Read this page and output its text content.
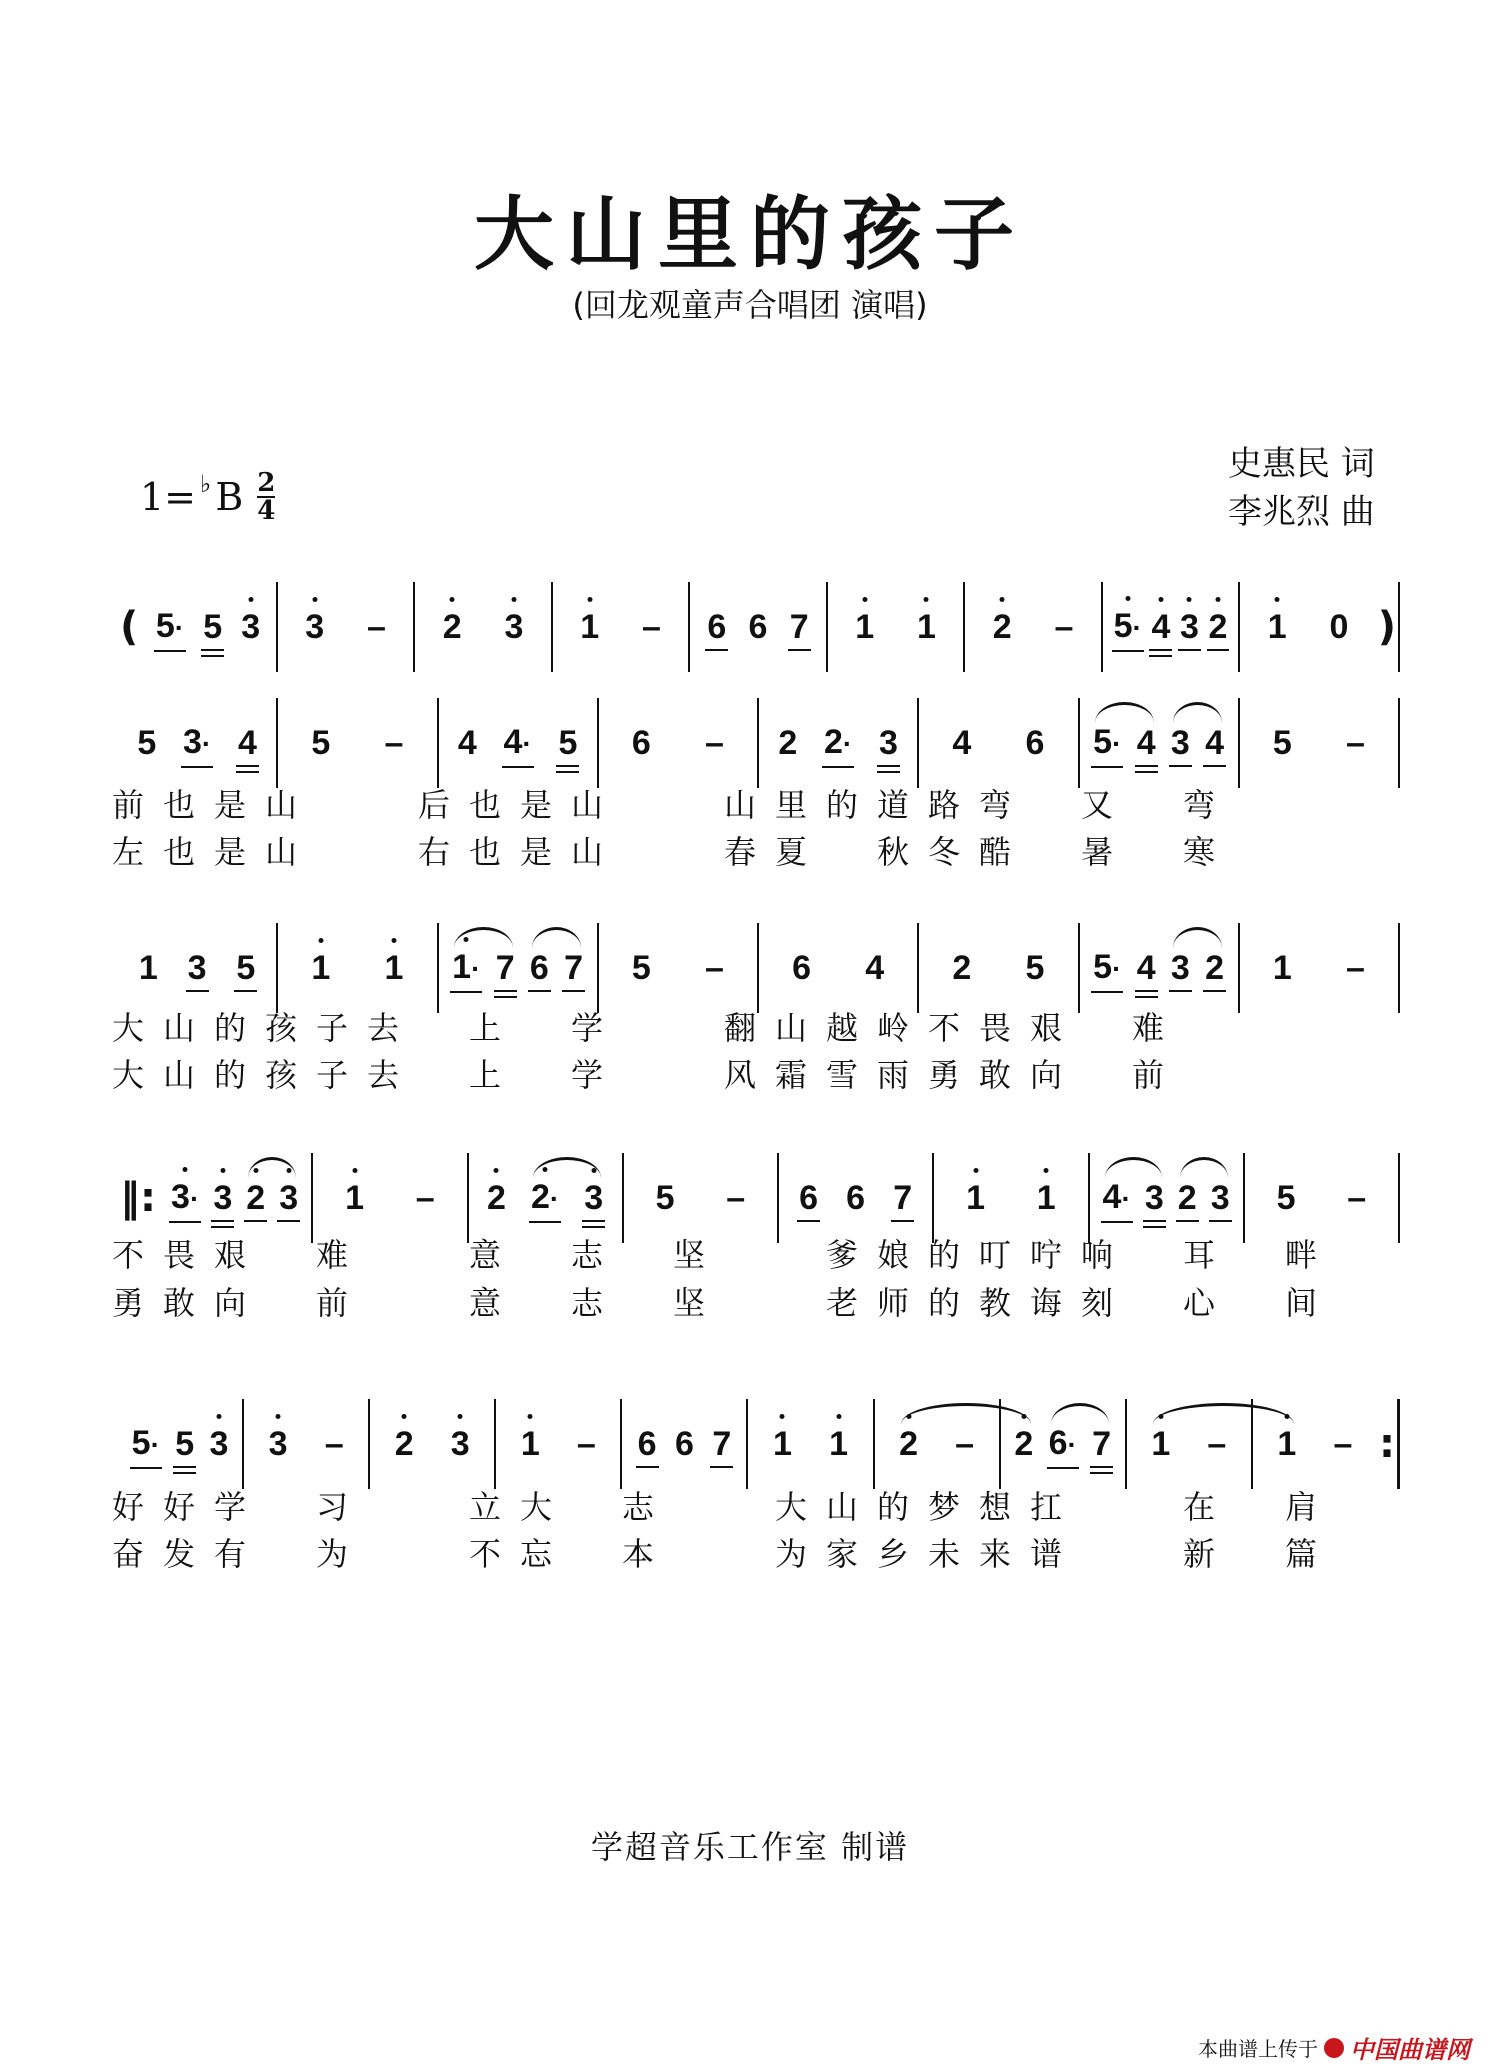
大山里的孩子
(回龙观童声合唱团 演唱)
1= ♭ B $\frac{2}{4}$
史惠民 词
李兆烈 曲
( 5· 5 3 3 – 2 3 1 – 6 6 7 1 1 2 – 5· 4 3 2 1 0 )
5 3· 4 5 – 4 4· 5 6 – 2 2· 3 4 6 5· 4 3 4 5 –
前也是山　　后也是山　　山里的道路弯　又　弯
左也是山　　右也是山　　春夏　秋冬酷　暑　寒
1 3 5 1 1 1· 7 6 7 5 – 6 4 2 5 5· 4 3 2 1 –
大山的孩子去　上　学　　翻山越岭不畏艰　难
大山的孩子去　上　学　　风霜雪雨勇敢向　前
‖: 3· 3 2 3 1 – 2 2· 3 5 – 6 6 7 1 1 4· 3 2 3 5 –
不畏艰　难　　意　志　坚　　爹娘的叮咛响　耳　畔
勇敢向　前　　意　志　坚　　老师的教诲刻　心　间
5· 5 3 3 – 2 3 1 – 6 6 7 1 1 2 – 2 6· 7 1 – 1 – :
好好学　习　　立大　志　　大山的梦想扛　　在　肩
奋发有　为　　不忘　本　　为家乡未来谱　　新　篇
学超音乐工作室 制谱
本曲谱上传于 中国曲谱网
